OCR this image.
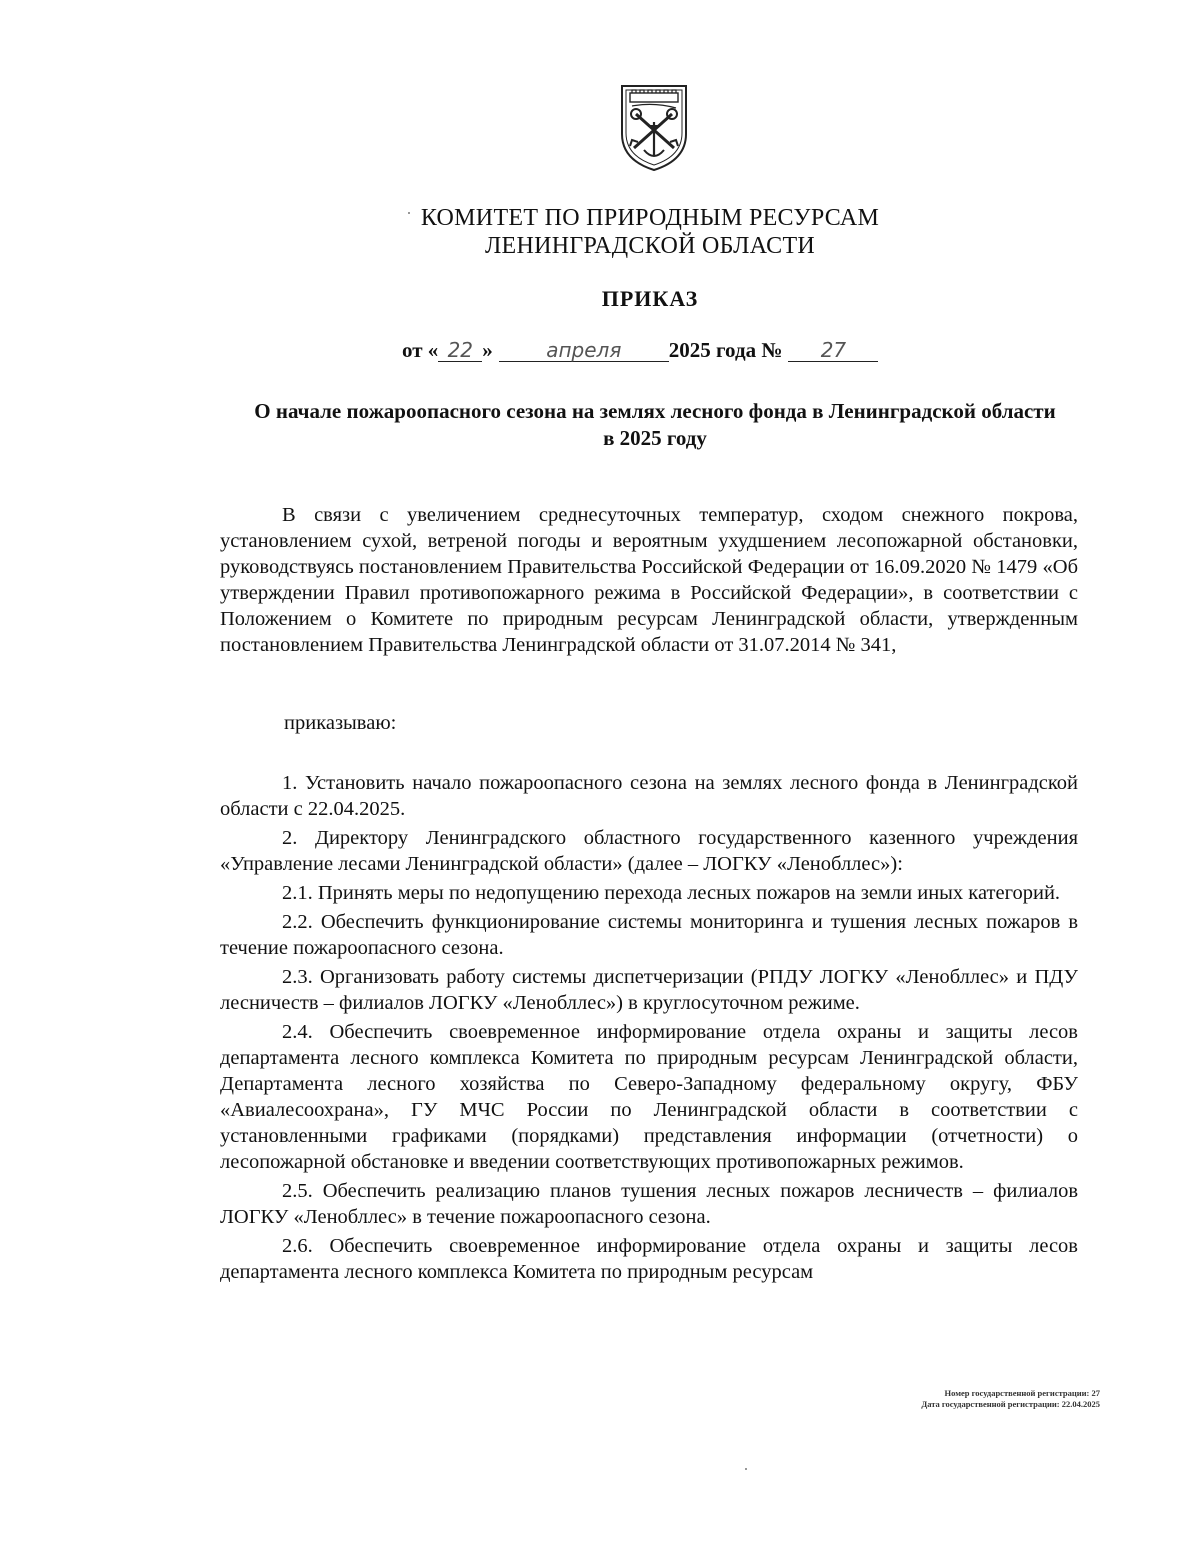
КОМИТЕТ ПО ПРИРОДНЫМ РЕСУРСАМ
ЛЕНИНГРАДСКОЙ ОБЛАСТИ
ПРИКАЗ
от « 22 »	апреля 2025 года № 27
О начале пожароопасного сезона на землях лесного фонда в Ленинградской области в 2025 году

В связи с увеличением среднесуточных температур, сходом снежного покрова, установлением сухой, ветреной погоды и вероятным ухудшением лесопожарной обстановки, руководствуясь постановлением Правительства Российской Федерации от 16.09.2020 № 1479 «Об утверждении Правил противопожарного режима в Российской Федерации», в соответствии с Положением о Комитете по природным ресурсам Ленинградской области, утвержденным постановлением Правительства Ленинградской области от 31.07.2014 № 341,

приказываю:

1. Установить начало пожароопасного сезона на землях лесного фонда в Ленинградской области с 22.04.2025.

2. Директору Ленинградского областного государственного казенного учреждения «Управление лесами Ленинградской области» (далее – ЛОГКУ «Ленобллес»):

2.1. Принять меры по недопущению перехода лесных пожаров на земли иных категорий.

2.2. Обеспечить функционирование системы мониторинга и тушения лесных пожаров в течение пожароопасного сезона.

2.3. Организовать работу системы диспетчеризации (РПДУ ЛОГКУ «Ленобллес» и ПДУ лесничеств – филиалов ЛОГКУ «Ленобллес») в круглосуточном режиме.

2.4. Обеспечить своевременное информирование отдела охраны и защиты лесов департамента лесного комплекса Комитета по природным ресурсам Ленинградской области, Департамента лесного хозяйства по Северо-Западному федеральному округу, ФБУ «Авиалесоохрана», ГУ МЧС России по Ленинградской области в соответствии с установленными графиками (порядками) представления информации (отчетности) о лесопожарной обстановке и введении соответствующих противопожарных режимов.

2.5. Обеспечить реализацию планов тушения лесных пожаров лесничеств – филиалов ЛОГКУ «Ленобллес» в течение пожароопасного сезона.

2.6. Обеспечить своевременное информирование отдела охраны и защиты лесов департамента лесного комплекса Комитета по природным ресурсам

Номер государственной регистрации: 27
Дата государственной регистрации: 22.04.2025
